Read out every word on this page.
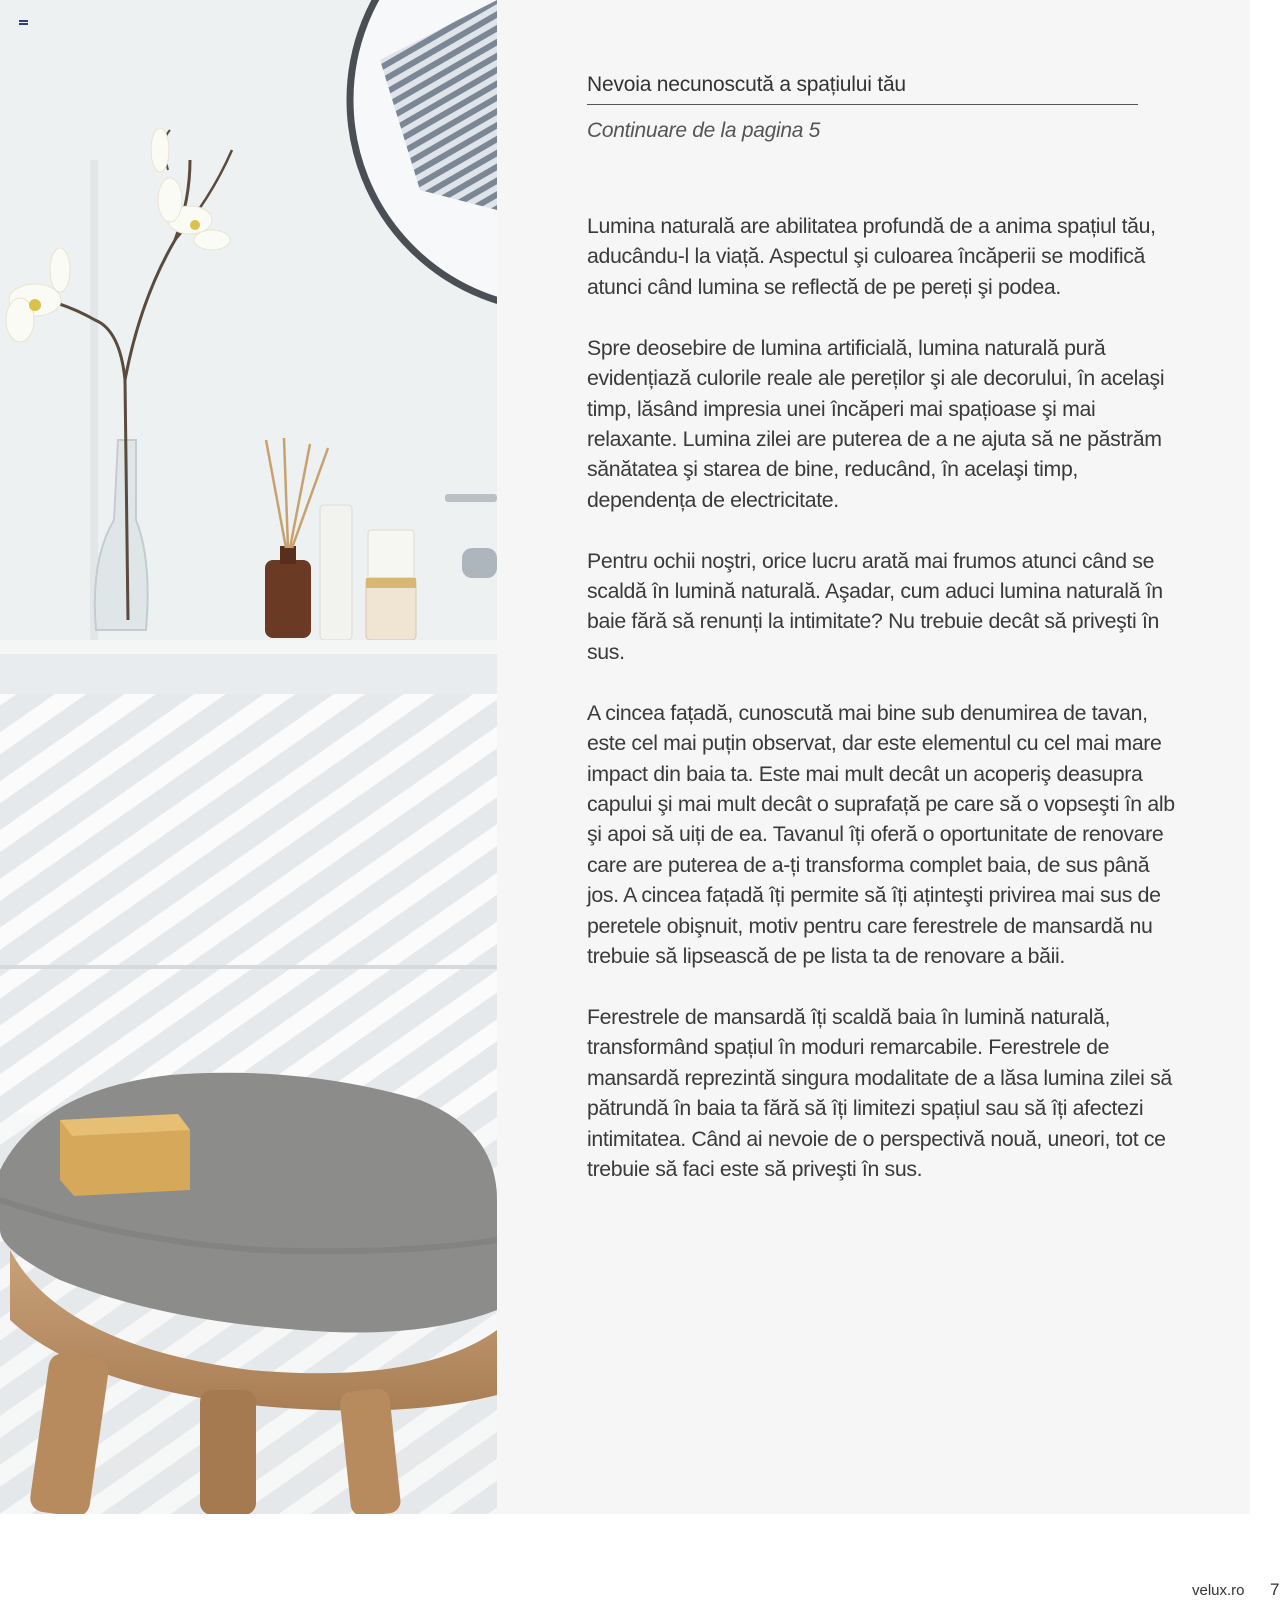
Nevoia necunoscută a spațiului tău
Continuare de la pagina 5

Lumina naturală are abilitatea profundă de a anima spațiul tău, aducându-l la viață. Aspectul şi culoarea încăperii se modifică atunci când lumina se reflectă de pe pereți şi podea.

Spre deosebire de lumina artificială, lumina naturală pură evidențiază culorile reale ale pereților şi ale decorului, în acelaşi timp, lăsând impresia unei încăperi mai spațioase şi mai relaxante. Lumina zilei are puterea de a ne ajuta să ne păstrăm sănătatea şi starea de bine, reducând, în acelaşi timp, dependența de electricitate.

Pentru ochii noştri, orice lucru arată mai frumos atunci când se scaldă în lumină naturală. Aşadar, cum aduci lumina naturală în baie fără să renunți la intimitate? Nu trebuie decât să priveşti în sus.

A cincea fațadă, cunoscută mai bine sub denumirea de tavan, este cel mai puțin observat, dar este elementul cu cel mai mare impact din baia ta. Este mai mult decât un acoperiş deasupra capului şi mai mult decât o suprafață pe care să o vopseşti în alb şi apoi să uiți de ea. Tavanul îți oferă o oportunitate de renovare care are puterea de a-ți transforma complet baia, de sus până jos. A cincea fațadă îți permite să îți aținteşti privirea mai sus de peretele obişnuit, motiv pentru care ferestrele de mansardă nu trebuie să lipsească de pe lista ta de renovare a băii.

Ferestrele de mansardă îți scaldă baia în lumină naturală, transformând spațiul în moduri remarcabile. Ferestrele de mansardă reprezintă singura modalitate de a lăsa lumina zilei să pătrundă în baia ta fără să îți limitezi spațiul sau să îți afectezi intimitatea. Când ai nevoie de o perspectivă nouă, uneori, tot ce trebuie să faci este să priveşti în sus.

velux.ro 7
